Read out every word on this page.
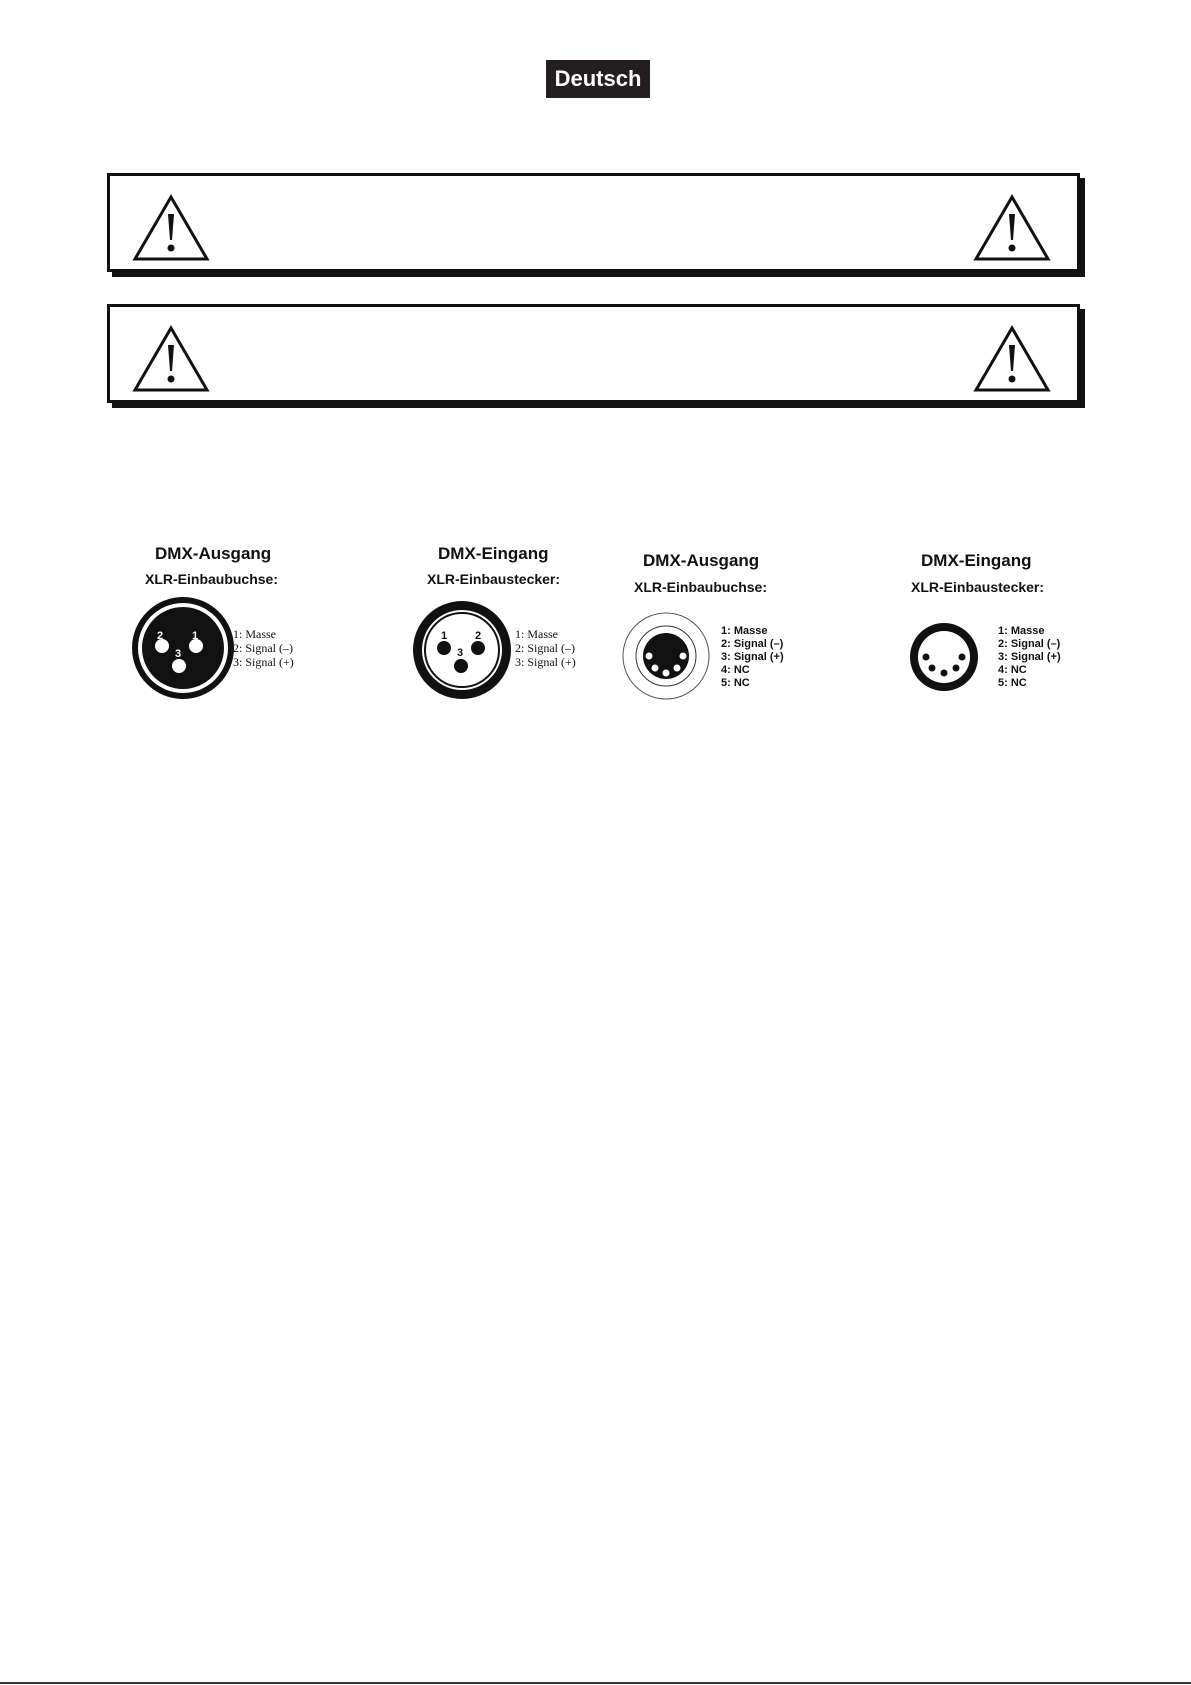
Deutsch
DMX-Ausgang
XLR-Einbaubuchse:
2	1
3
1: Masse
2: Signal (–)
3: Signal (+)
DMX-Eingang
XLR-Einbaustecker:
1	2
3
1: Masse
2: Signal (–)
3: Signal (+)
DMX-Ausgang
XLR-Einbaubuchse:
1: Masse
2: Signal (–)
3: Signal (+)
4: NC
5: NC
DMX-Eingang
XLR-Einbaustecker:
1: Masse
2: Signal (–)
3: Signal (+)
4: NC
5: NC
